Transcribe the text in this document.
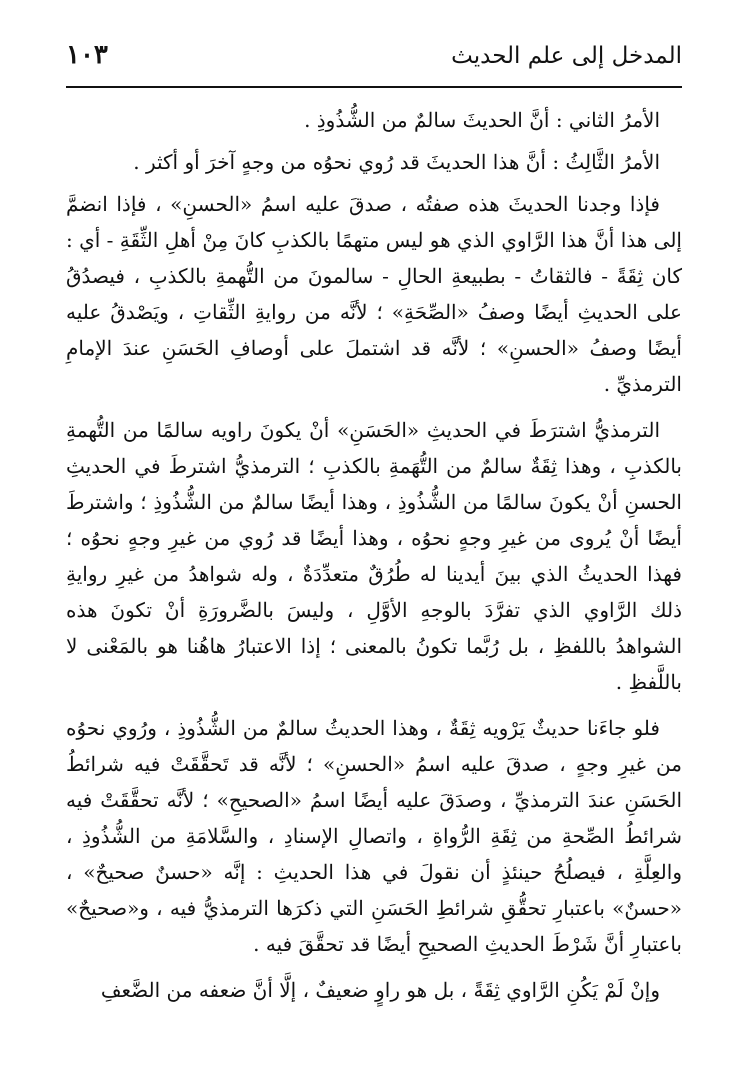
المدخل إلى علم الحديث
١٠٣

الأمرُ الثاني : أنَّ الحديثَ سالمٌ من الشُّذُوذِ .

الأمرُ الثَّالِثُ : أنَّ هذا الحديثَ قد رُوي نحوُه من وجهٍ آخرَ أو أكثر .

فإذا وجدنا الحديثَ هذه صفتُه ، صدقَ عليه اسمُ «الحسنِ» ، فإذا انضمَّ إلى هذا أنَّ هذا الرَّاوي الذي هو ليس متهمًا بالكذبِ كانَ مِنْ أهلِ الثِّقَةِ - أي : كان ثِقَةً - فالثقاتُ - بطبيعةِ الحالِ - سالمونَ من التُّهمةِ بالكذبِ ، فيصدُقُ على الحديثِ أيضًا وصفُ «الصِّحَةِ» ؛ لأنَّه من روايةِ الثِّقاتِ ، ويَصْدقُ عليه أيضًا وصفُ «الحسنِ» ؛ لأنَّه قد اشتملَ على أوصافِ الحَسَنِ عندَ الإمامِ الترمذيِّ .

الترمذيُّ اشترَطَ في الحديثِ «الحَسَنِ» أنْ يكونَ راويه سالمًا من التُّهمةِ بالكذبِ ، وهذا ثِقَةٌ سالمٌ من التُّهَمةِ بالكذبِ ؛ الترمذيُّ اشترطَ في الحديثِ الحسنِ أنْ يكونَ سالمًا من الشُّذُوذِ ، وهذا أيضًا سالمٌ من الشُّذُوذِ ؛ واشترطَ أيضًا أنْ يُروى من غيرِ وجهٍ نحوُه ، وهذا أيضًا قد رُوي من غيرِ وجهٍ نحوُه ؛ فهذا الحديثُ الذي بينَ أيدينا له طُرُقٌ متعدِّدَةٌ ، وله شواهدُ من غيرِ روايةِ ذلك الرَّاوي الذي تفرَّدَ بالوجهِ الأوَّلِ ، وليسَ بالضَّرورَةِ أنْ تكونَ هذه الشواهدُ باللفظِ ، بل رُبَّما تكونُ بالمعنى ؛ إذا الاعتبارُ هاهُنا هو بالمَعْنى لا باللَّفظِ .

فلو جاءَنا حديثٌ يَرْويه ثِقَةٌ ، وهذا الحديثُ سالمٌ من الشُّذُوذِ ، ورُوي نحوُه من غيرِ وجهٍ ، صدقَ عليه اسمُ «الحسنِ» ؛ لأنَّه قد تَحقَّقَتْ فيه شرائطُ الحَسَنِ عندَ الترمذيِّ ، وصدَقَ عليه أيضًا اسمُ «الصحيحِ» ؛ لأنَّه تحقَّقَتْ فيه شرائطُ الصِّحةِ من ثِقَةِ الرُّواةِ ، واتصالِ الإسنادِ ، والسَّلامَةِ من الشُّذُوذِ ، والعِلَّةِ ، فيصلُحُ حينئذٍ أن نقولَ في هذا الحديثِ : إنَّه «حسنٌ صحيحٌ» ، «حسنٌ» باعتبارِ تحقُّقِ شرائطِ الحَسَنِ التي ذكرَها الترمذيُّ فيه ، و«صحيحٌ» باعتبارِ أنَّ شَرْطَ الحديثِ الصحيحِ أيضًا قد تحقَّقَ فيه .

وإنْ لَمْ يَكُنِ الرَّاوي ثِقَةً ، بل هو راوٍ ضعيفٌ ، إلَّا أنَّ ضعفه من الضَّعفِ
